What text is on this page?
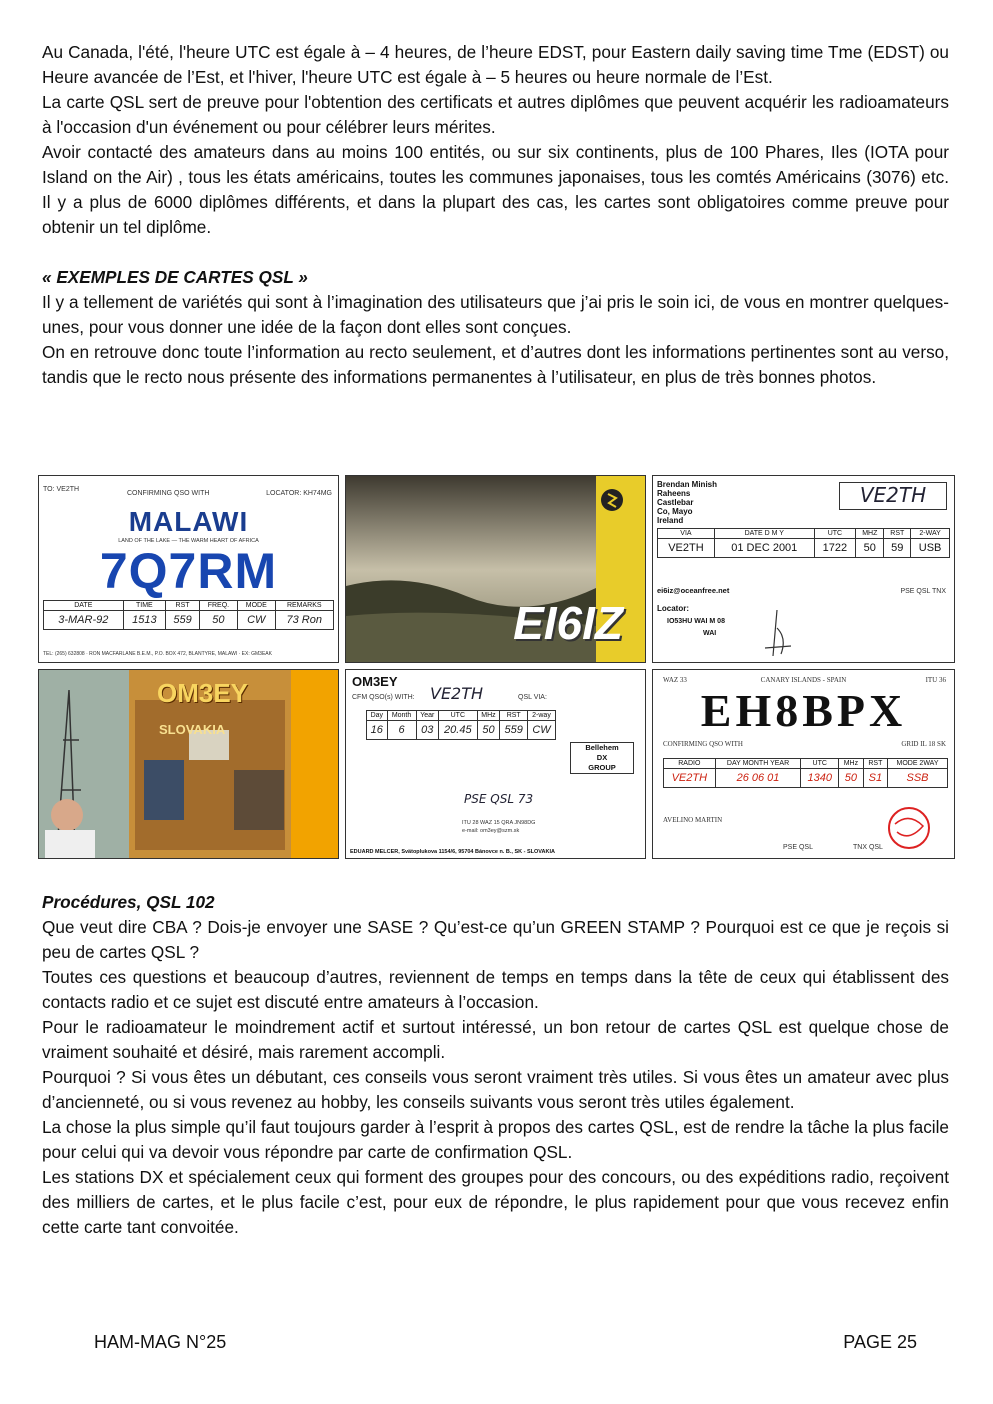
Au Canada, l'été, l'heure UTC est égale à – 4 heures, de l’heure EDST, pour Eastern daily saving time Tme (EDST) ou Heure avancée de l’Est, et l'hiver, l'heure UTC est égale à – 5 heures ou heure normale de l’Est.

La carte QSL sert de preuve pour l'obtention des certificats et autres diplômes que peuvent acquérir les radioamateurs à l'occasion d'un événement ou pour célébrer leurs mérites.

Avoir contacté des amateurs dans au moins 100 entités, ou sur six continents, plus de 100 Phares, Iles (IOTA pour Island on the Air) , tous les états américains, toutes les communes japonaises, tous les comtés Américains (3076) etc. Il y a plus de 6000 diplômes différents, et dans la plupart des cas, les cartes sont obligatoires comme preuve pour obtenir un tel diplôme.

« EXEMPLES DE CARTES QSL »

Il y a tellement de variétés qui sont à l’imagination des utilisateurs que j’ai pris le soin ici, de vous en montrer quelques-unes, pour vous donner une idée de la façon dont elles sont conçues.

On en retrouve donc toute l’information au recto seulement, et d’autres dont les informations pertinentes sont au verso, tandis que le recto nous présente des informations permanentes à l’utilisateur, en plus de très bonnes photos.

TO: VE2TH
CONFIRMING QSO WITH	LOCATOR: KH74MG
MALAWI
LAND OF THE LAKE — THE WARM HEART OF AFRICA
7Q7RM
DATE	TIME	RST	FREQ.	MODE	REMARKS
3-MAR-92	1513	559	50	CW	73 Ron
TEL: (265) 632808 · RON MACFARLANE B.E.M., P.O. BOX 472, BLANTYRE, MALAWI · EX: GM3EAK
EI6IZ
Brendan Minish
Raheens
Castlebar
Co, Mayo
Ireland
VE2TH
VIA	DATE D M Y	UTC	MHZ	RST	2-WAY
VE2TH	01 DEC 2001	1722	50	59	USB
ei6iz@oceanfree.net	PSE QSL TNX
Locator:
IO53HU WAI M 08
WAI
OM3EY
SLOVAKIA
OM3EY
CFM QSO(s) WITH: VE2TH	QSL VIA:
Day	Month	Year	UTC	MHz	RST	2-way
16	6	03	20.45	50	559	CW
Bellehem
DX
GROUP
PSE QSL 73
ITU 28 WAZ 15 QRA JN98DG
e-mail: om3ey@szm.sk
EDUARD MELCER, Svätoplukova 1154/6, 95704 Bánovce n. B., SK - SLOVAKIA
WAZ 33	CANARY ISLANDS - SPAIN	ITU 36
EH8BPX
CONFIRMING QSO WITH	GRID IL 18 SK
RADIO	DAY MONTH YEAR	UTC	MHz	RST	MODE 2WAY
VE2TH	26 06 01	1340	50	S1	SSB
AVELINO MARTIN
PSE QSL	TNX QSL

Procédures, QSL 102

Que veut dire CBA ? Dois-je envoyer une SASE ? Qu’est-ce qu’un GREEN STAMP ? Pourquoi est ce que je reçois si peu de cartes QSL ?

Toutes ces questions et beaucoup d’autres, reviennent de temps en temps dans la tête de ceux qui établissent des contacts radio et ce sujet est discuté entre amateurs à l’occasion.

Pour le radioamateur le moindrement actif et surtout intéressé, un bon retour de cartes QSL est quelque chose de vraiment souhaité et désiré, mais rarement accompli.

Pourquoi ? Si vous êtes un débutant, ces conseils vous seront vraiment très utiles. Si vous êtes un amateur avec plus d’ancienneté, ou si vous revenez au hobby, les conseils suivants vous seront très utiles également.

La chose la plus simple qu’il faut toujours garder à l’esprit à propos des cartes QSL, est de rendre la tâche la plus facile pour celui qui va devoir vous répondre par carte de confirmation QSL.

Les stations DX et spécialement ceux qui forment des groupes pour des concours, ou des expéditions radio, reçoivent des milliers de cartes, et le plus facile c’est, pour eux de répondre, le plus rapidement pour que vous recevez enfin cette carte tant convoitée.

HAM-MAG N°25	PAGE 25
